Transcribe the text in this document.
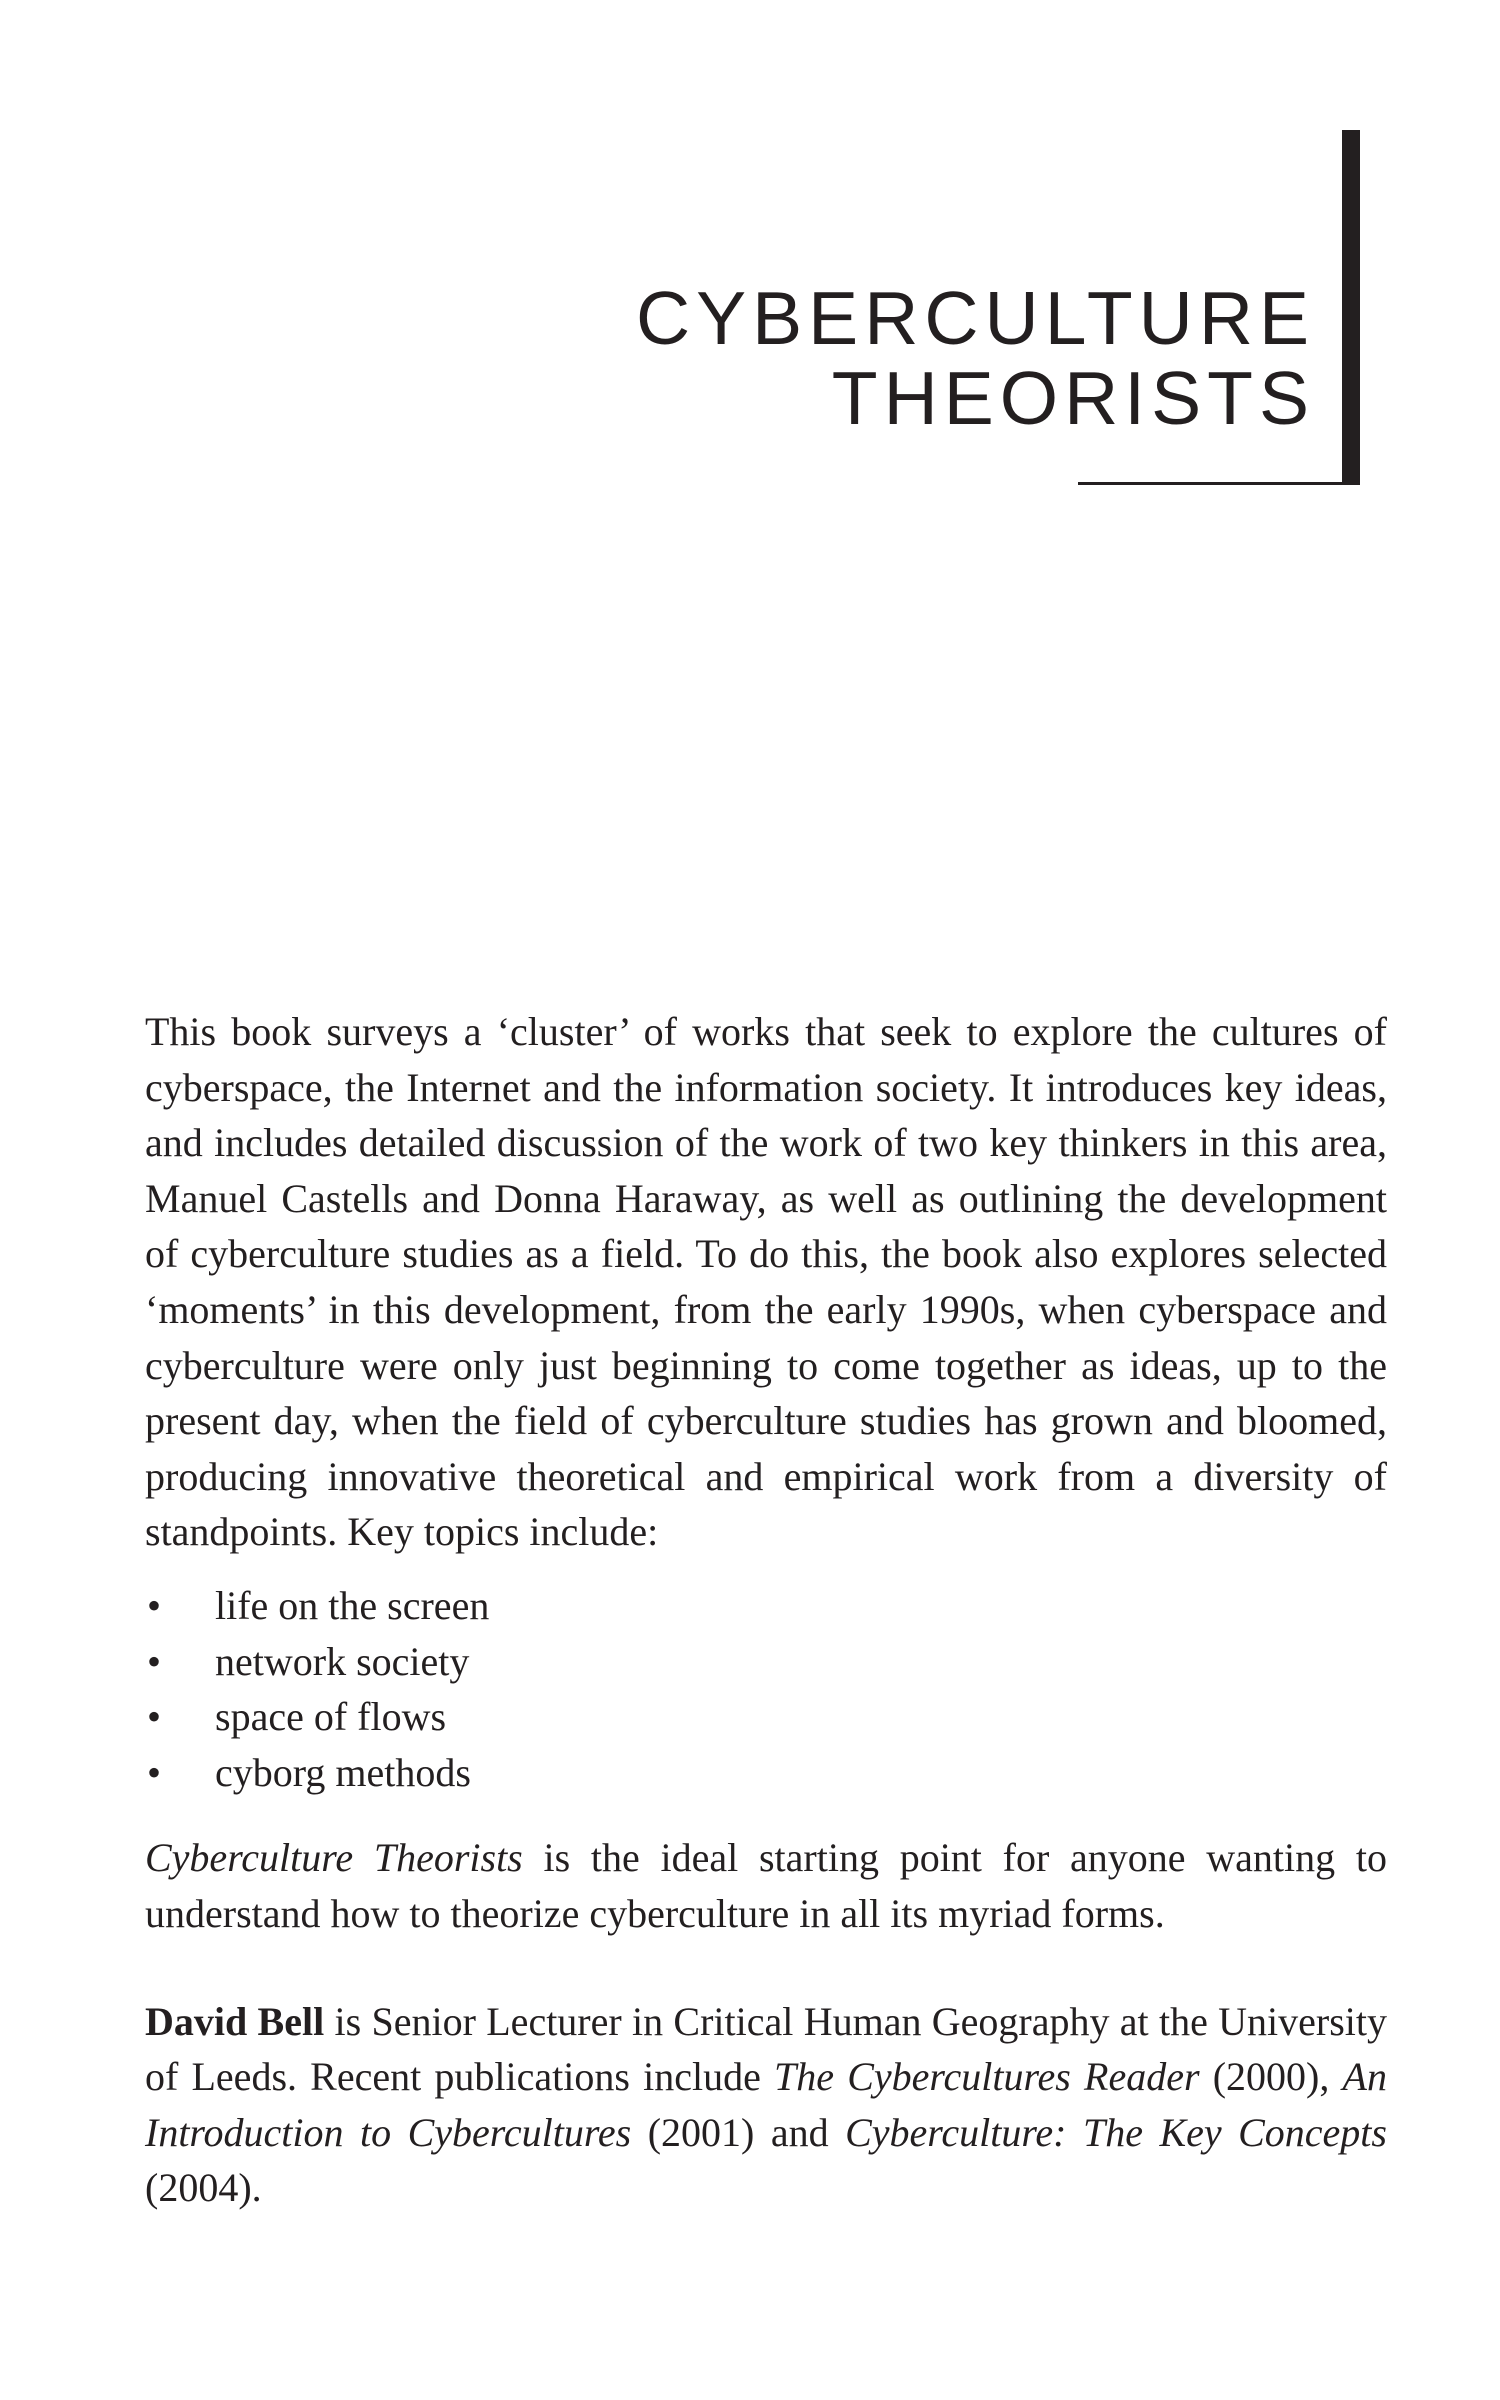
CYBERCULTURE
THEORISTS

This book surveys a ‘cluster’ of works that seek to explore the cultures of cyberspace, the Internet and the information society. It introduces key ideas, and includes detailed discussion of the work of two key thinkers in this area, Manuel Castells and Donna Haraway, as well as outlining the development of cyberculture studies as a field. To do this, the book also explores selected ‘moments’ in this development, from the early 1990s, when cyberspace and cyberculture were only just beginning to come together as ideas, up to the present day, when the field of cyberculture studies has grown and bloomed, producing innovative theoretical and empirical work from a diversity of standpoints. Key topics include:

• life on the screen
• network society
• space of flows
• cyborg methods

Cyberculture Theorists is the ideal starting point for anyone wanting to understand how to theorize cyberculture in all its myriad forms.

David Bell is Senior Lecturer in Critical Human Geography at the University of Leeds. Recent publications include The Cybercultures Reader (2000), An Introduction to Cybercultures (2001) and Cyberculture: The Key Concepts (2004).
